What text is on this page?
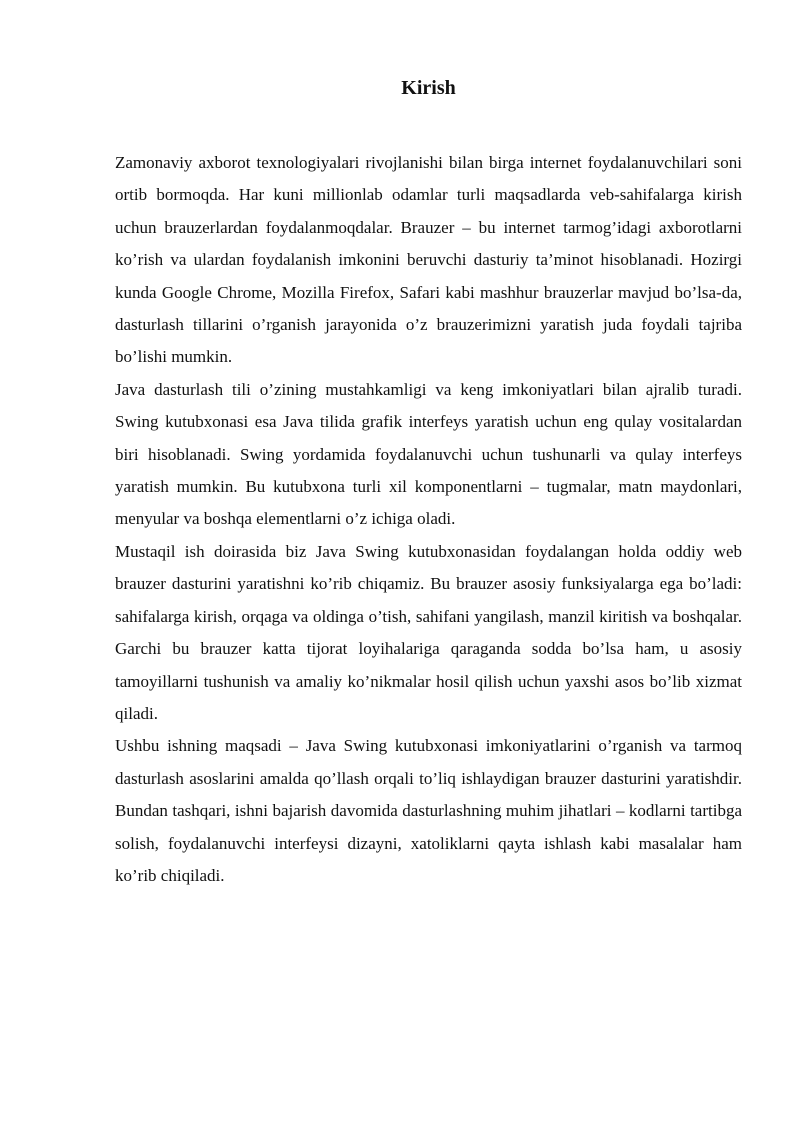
Kirish

Zamonaviy axborot texnologiyalari rivojlanishi bilan birga internet foydalanuvchilari soni ortib bormoqda. Har kuni millionlab odamlar turli maqsadlarda veb-sahifalarga kirish uchun brauzerlardan foydalanmoqdalar. Brauzer – bu internet tarmog’idagi axborotlarni ko’rish va ulardan foydalanish imkonini beruvchi dasturiy ta’minot hisoblanadi. Hozirgi kunda Google Chrome, Mozilla Firefox, Safari kabi mashhur brauzerlar mavjud bo’lsa-da, dasturlash tillarini o’rganish jarayonida o’z brauzerimizni yaratish juda foydali tajriba bo’lishi mumkin.

Java dasturlash tili o’zining mustahkamligi va keng imkoniyatlari bilan ajralib turadi. Swing kutubxonasi esa Java tilida grafik interfeys yaratish uchun eng qulay vositalardan biri hisoblanadi. Swing yordamida foydalanuvchi uchun tushunarli va qulay interfeys yaratish mumkin. Bu kutubxona turli xil komponentlarni – tugmalar, matn maydonlari, menyular va boshqa elementlarni o’z ichiga oladi.

Mustaqil ish doirasida biz Java Swing kutubxonasidan foydalangan holda oddiy web brauzer dasturini yaratishni ko’rib chiqamiz. Bu brauzer asosiy funksiyalarga ega bo’ladi: sahifalarga kirish, orqaga va oldinga o’tish, sahifani yangilash, manzil kiritish va boshqalar. Garchi bu brauzer katta tijorat loyihalariga qaraganda sodda bo’lsa ham, u asosiy tamoyillarni tushunish va amaliy ko’nikmalar hosil qilish uchun yaxshi asos bo’lib xizmat qiladi.

Ushbu ishning maqsadi – Java Swing kutubxonasi imkoniyatlarini o’rganish va tarmoq dasturlash asoslarini amalda qo’llash orqali to’liq ishlaydigan brauzer dasturini yaratishdir. Bundan tashqari, ishni bajarish davomida dasturlashning muhim jihatlari – kodlarni tartibga solish, foydalanuvchi interfeysi dizayni, xatoliklarni qayta ishlash kabi masalalar ham ko’rib chiqiladi.
